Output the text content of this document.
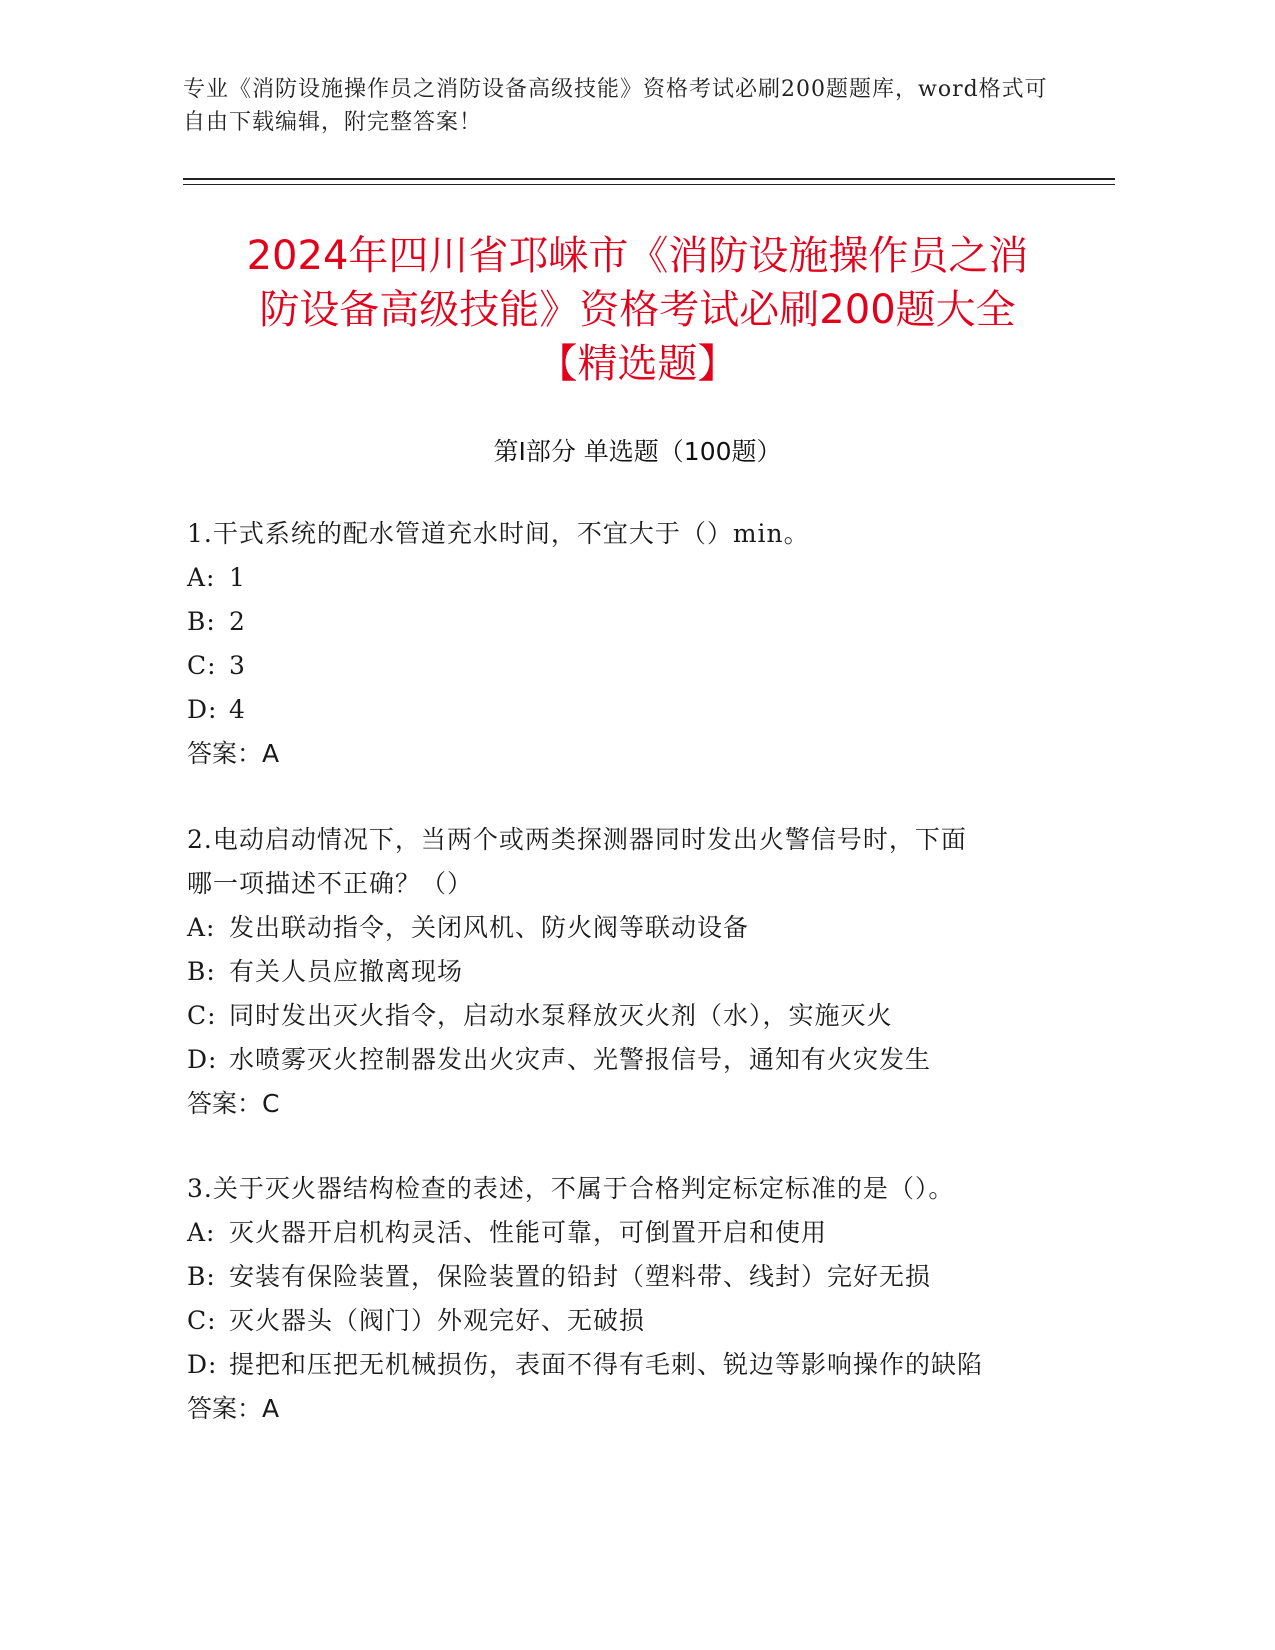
专业《消防设施操作员之消防设备高级技能》资格考试必刷200题题库，word格式可自由下载编辑，附完整答案！
2024年四川省邛崃市《消防设施操作员之消
防设备高级技能》资格考试必刷200题大全
【精选题】
第Ⅰ部分 单选题（100题）

1.干式系统的配水管道充水时间，不宜大于（）min。

A: 1

B: 2

C: 3

D: 4

答案：A

2.电动启动情况下，当两个或两类探测器同时发出火警信号时，下面

哪一项描述不正确？（）

A: 发出联动指令，关闭风机、防火阀等联动设备

B: 有关人员应撤离现场

C: 同时发出灭火指令，启动水泵释放灭火剂（水），实施灭火

D: 水喷雾灭火控制器发出火灾声、光警报信号，通知有火灾发生

答案：C

3.关于灭火器结构检查的表述，不属于合格判定标定标准的是（）。

A: 灭火器开启机构灵活、性能可靠，可倒置开启和使用

B: 安装有保险装置，保险装置的铅封（塑料带、线封）完好无损

C: 灭火器头（阀门）外观完好、无破损

D: 提把和压把无机械损伤，表面不得有毛刺、锐边等影响操作的缺陷

答案：A
